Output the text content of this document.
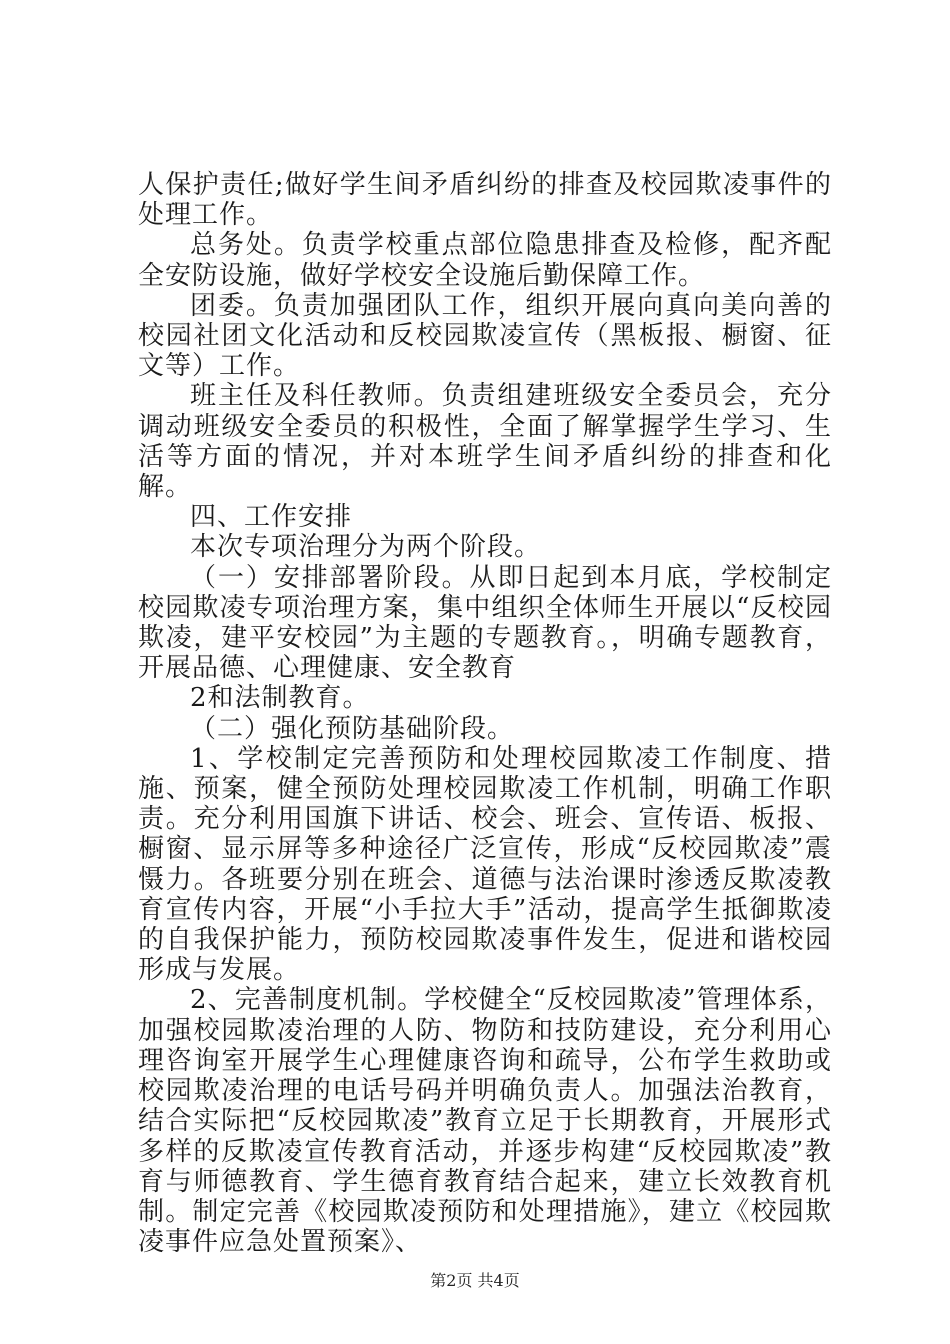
人保护责任;做好学生间矛盾纠纷的排查及校园欺凌事件的处理工作。

总务处。负责学校重点部位隐患排查及检修，配齐配全安防设施，做好学校安全设施后勤保障工作。

团委。负责加强团队工作，组织开展向真向美向善的校园社团文化活动和反校园欺凌宣传（黑板报、橱窗、征文等）工作。

班主任及科任教师。负责组建班级安全委员会，充分调动班级安全委员的积极性，全面了解掌握学生学习、生活等方面的情况，并对本班学生间矛盾纠纷的排查和化解。

四、工作安排

本次专项治理分为两个阶段。

（一）安排部署阶段。从即日起到本月底，学校制定校园欺凌专项治理方案，集中组织全体师生开展以“反校园欺凌，建平安校园”为主题的专题教育。，明确专题教育，开展品德、心理健康、安全教育

2和法制教育。

（二）强化预防基础阶段。

1、学校制定完善预防和处理校园欺凌工作制度、措施、预案，健全预防处理校园欺凌工作机制，明确工作职责。充分利用国旗下讲话、校会、班会、宣传语、板报、橱窗、显示屏等多种途径广泛宣传，形成“反校园欺凌”震慑力。各班要分别在班会、道德与法治课时渗透反欺凌教育宣传内容，开展“小手拉大手”活动，提高学生抵御欺凌的自我保护能力，预防校园欺凌事件发生，促进和谐校园形成与发展。

2、完善制度机制。学校健全“反校园欺凌”管理体系，加强校园欺凌治理的人防、物防和技防建设，充分利用心理咨询室开展学生心理健康咨询和疏导，公布学生救助或校园欺凌治理的电话号码并明确负责人。加强法治教育，结合实际把“反校园欺凌”教育立足于长期教育，开展形式多样的反欺凌宣传教育活动，并逐步构建“反校园欺凌”教育与师德教育、学生德育教育结合起来，建立长效教育机制。制定完善《校园欺凌预防和处理措施》，建立《校园欺凌事件应急处置预案》、

第2页 共4页
